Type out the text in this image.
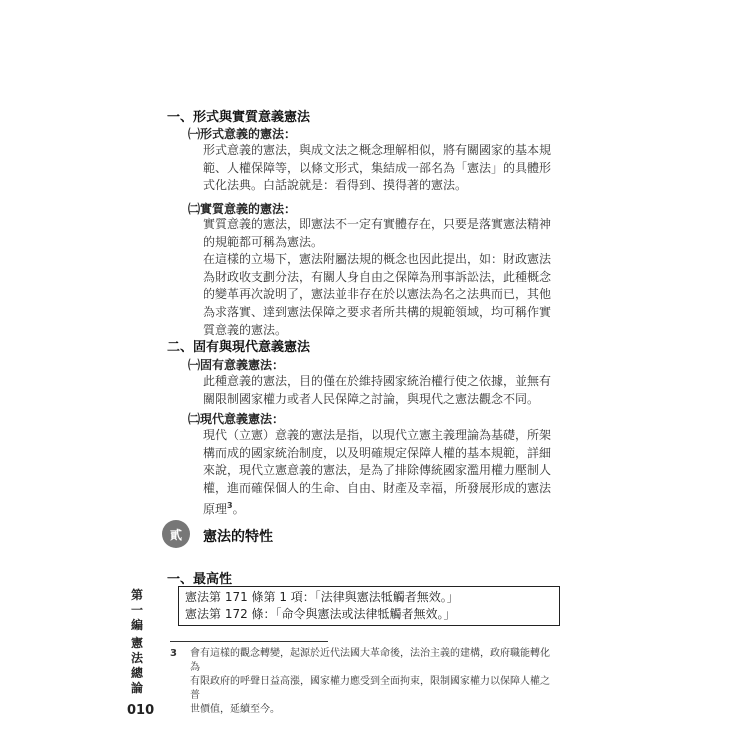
一、形式與實質意義憲法
㈠形式意義的憲法：

形式意義的憲法，與成文法之概念理解相似，將有關國家的基本規

範、人權保障等，以條文形式，集結成一部名為「憲法」的具體形

式化法典。白話說就是：看得到、摸得著的憲法。

㈡實質意義的憲法：

實質意義的憲法，即憲法不一定有實體存在，只要是落實憲法精神

的規範都可稱為憲法。

在這樣的立場下，憲法附屬法規的概念也因此提出，如：財政憲法

為財政收支劃分法，有關人身自由之保障為刑事訴訟法，此種概念

的變革再次說明了，憲法並非存在於以憲法為名之法典而已，其他

為求落實、達到憲法保障之要求者所共構的規範領域，均可稱作實

質意義的憲法。

二、固有與現代意義憲法
㈠固有意義憲法：

此種意義的憲法，目的僅在於維持國家統治權行使之依據，並無有

關限制國家權力或者人民保障之討論，與現代之憲法觀念不同。

㈡現代意義憲法：

現代（立憲）意義的憲法是指，以現代立憲主義理論為基礎，所架

構而成的國家統治制度，以及明確規定保障人權的基本規範，詳細

來說，現代立憲意義的憲法，是為了排除傳統國家濫用權力壓制人

權，進而確保個人的生命、自由、財產及幸福，所發展形成的憲法

原理$^3$。

貳	憲法的特性
一、最高性
憲法第 171 條第 1 項：「法律與憲法牴觸者無效。」
憲法第 172 條：「命令與憲法或法律牴觸者無效。」
第一編
憲法總論
3 會有這樣的觀念轉變，起源於近代法國大革命後，法治主義的建構，政府職能轉化為
有限政府的呼聲日益高漲，國家權力應受到全面拘束，限制國家權力以保障人權之普
世價值，延續至今。
010
